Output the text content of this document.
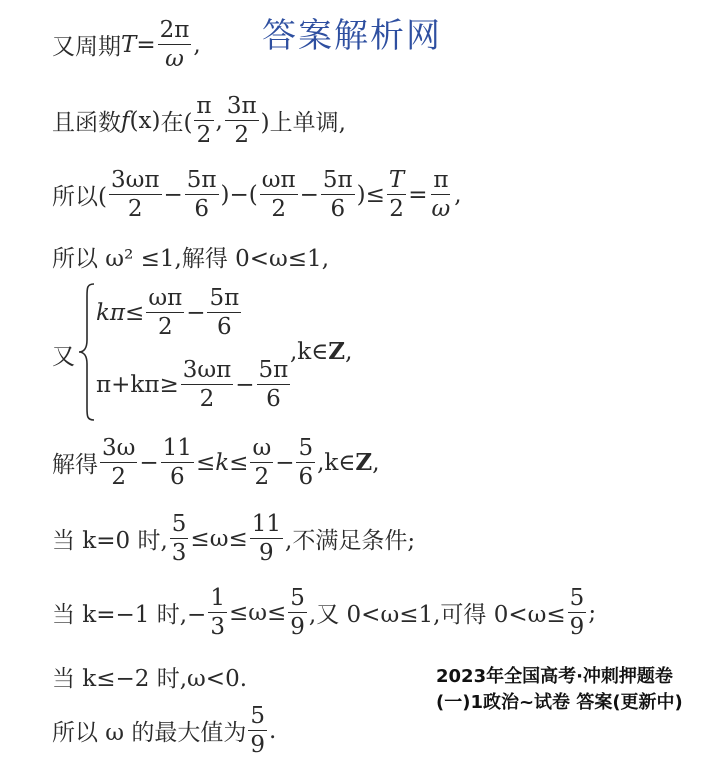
答案解析网
又周期 $T = \frac{2\pi}{\omega}$ ,
且函数 f (x) 在( $\frac{\pi}{2}$ , $\frac{3\pi}{2}$ )上单调,
所以( $\frac{3\omega\pi}{2} - \frac{5\pi}{6}$ )−( $\frac{\omega\pi}{2} - \frac{5\pi}{6}$ )≤ $\frac{T}{2} = \frac{\pi}{\omega}$ ,
所以 ω² ≤1,解得 0<ω≤1,
又
$k\pi\le \frac{\omega\pi}{2} - \frac{5\pi}{6}$
$\pi+k\pi\ge \frac{3\omega\pi}{2} - \frac{5\pi}{6}$
,k∈Z,
解得 $\frac{3\omega}{2} - \frac{11}{6} \le k\le \frac{\omega}{2} - \frac{5}{6}$ ,k∈ Z ,
当 k=0 时, $\frac{5}{3} \le\omega\le \frac{11}{9}$ ,不满足条件;
当 k=−1 时,− $\frac{1}{3} \le\omega\le \frac{5}{9}$ ,又 0<ω≤1,可得 $0<\omega\le \frac{5}{9}$ ;
当 k≤−2 时,ω<0.
所以 ω 的最大值为 $\frac{5}{9}$ .
2023年全国高考·冲刺押题卷(一)1政治~试卷 答案(更新中)
